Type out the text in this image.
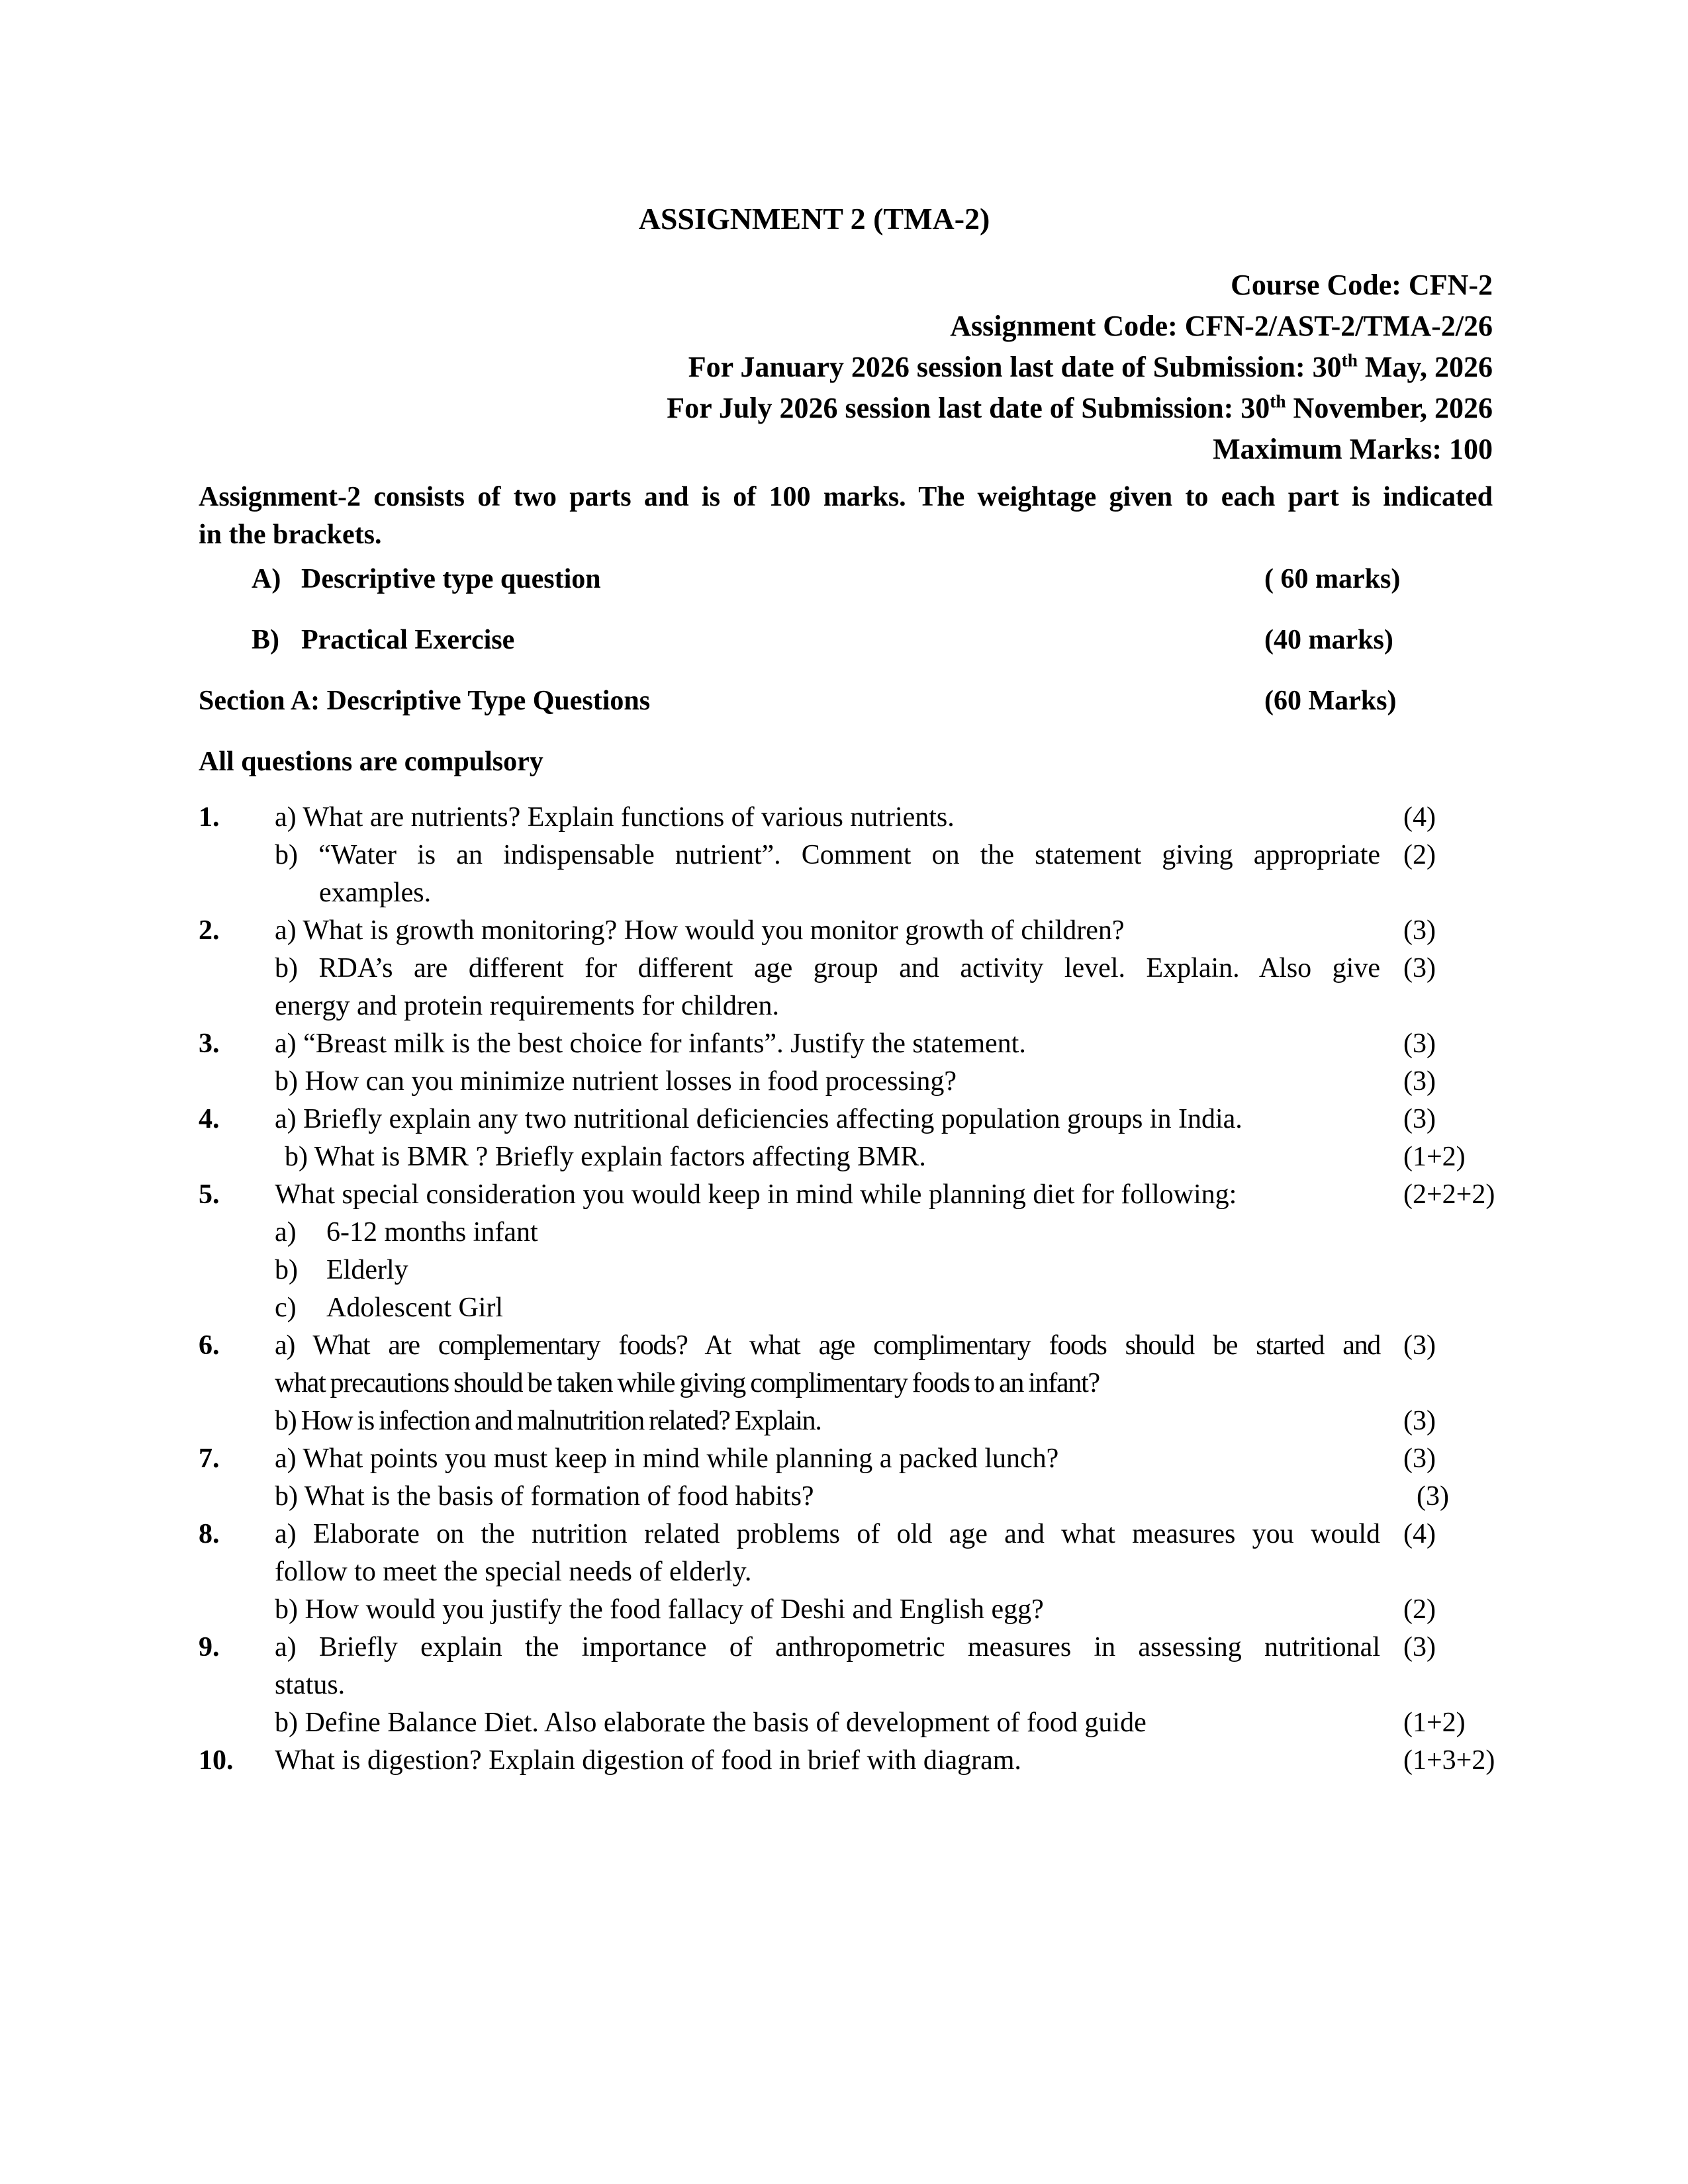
ASSIGNMENT 2 (TMA-2)
Course Code: CFN-2
Assignment Code: CFN-2/AST-2/TMA-2/26
For January 2026 session last date of Submission: 30th May, 2026
For July 2026 session last date of Submission: 30th November, 2026
Maximum Marks: 100
Assignment-2 consists of two parts and is of 100 marks. The weightage given to each part is indicated
in the brackets.
A) Descriptive type question	( 60 marks)
B) Practical Exercise	(40 marks)
Section A: Descriptive Type Questions	(60 Marks)
All questions are compulsory
1.	a) What are nutrients? Explain functions of various nutrients.	(4)
b) “Water is an indispensable nutrient”. Comment on the statement giving appropriate (2)
examples.
2.	a) What is growth monitoring? How would you monitor growth of children?	(3)
b) RDA’s are different for different age group and activity level. Explain. Also give (3)
energy and protein requirements for children.
3.	a) “Breast milk is the best choice for infants”. Justify the statement.	(3)
b) How can you minimize nutrient losses in food processing?	(3)
4.	a) Briefly explain any two nutritional deficiencies affecting population groups in India.	(3)
b) What is BMR ? Briefly explain factors affecting BMR.	(1+2)
5.	What special consideration you would keep in mind while planning diet for following:	(2+2+2)
a) 6-12 months infant
b) Elderly
c) Adolescent Girl
6.	a) What are complementary foods? At what age complimentary foods should be started and (3)
what precautions should be taken while giving complimentary foods to an infant?
b) How is infection and malnutrition related? Explain.	(3)
7.	a) What points you must keep in mind while planning a packed lunch?	(3)
b) What is the basis of formation of food habits?	(3)
8.	a) Elaborate on the nutrition related problems of old age and what measures you would (4)
follow to meet the special needs of elderly.
b) How would you justify the food fallacy of Deshi and English egg?	(2)
9.	a) Briefly explain the importance of anthropometric measures in assessing nutritional (3)
status.
b) Define Balance Diet. Also elaborate the basis of development of food guide	(1+2)
10.	What is digestion? Explain digestion of food in brief with diagram.	(1+3+2)
